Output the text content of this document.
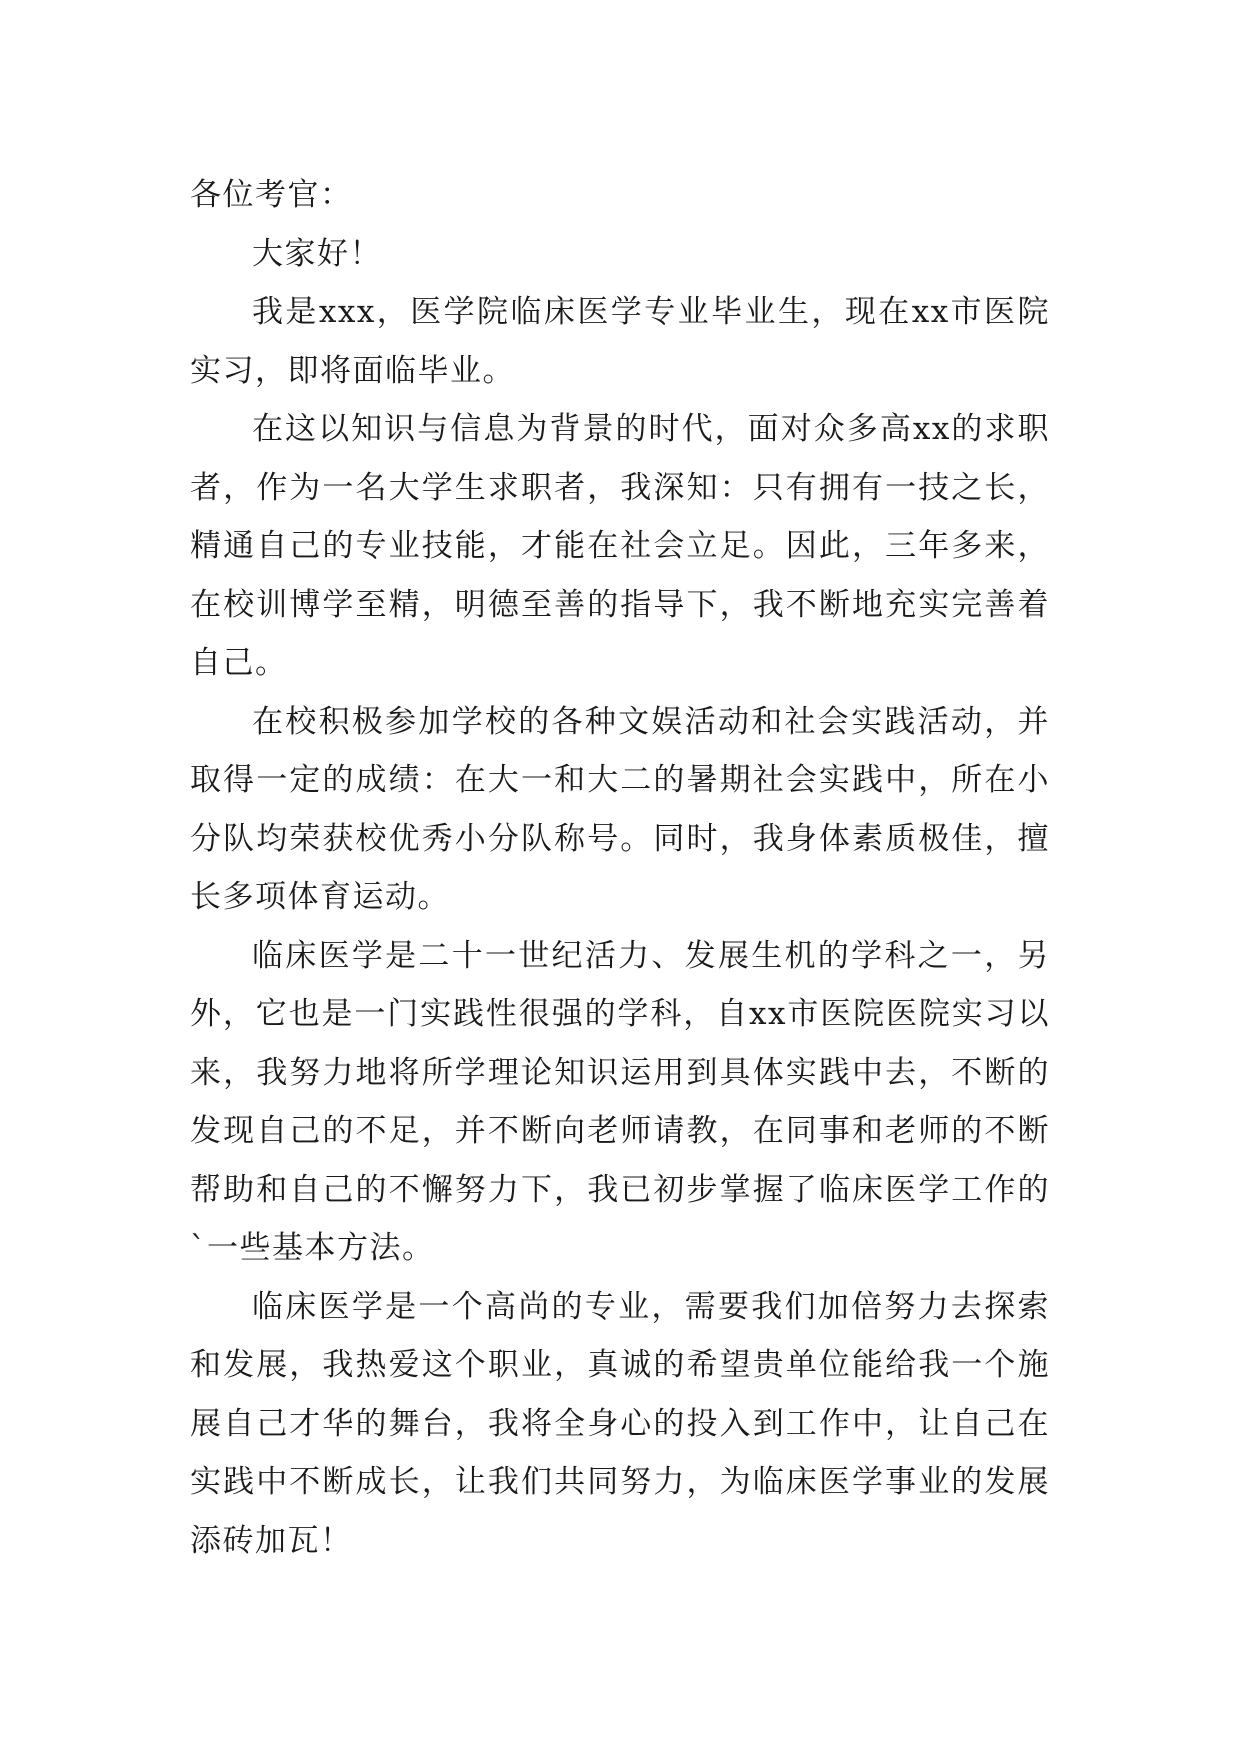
各位考官：

大家好！

我是xxx，医学院临床医学专业毕业生，现在xx市医院实习，即将面临毕业。

在这以知识与信息为背景的时代，面对众多高xx的求职者，作为一名大学生求职者，我深知：只有拥有一技之长，精通自己的专业技能，才能在社会立足。因此，三年多来，在校训博学至精，明德至善的指导下，我不断地充实完善着自己。

在校积极参加学校的各种文娱活动和社会实践活动，并取得一定的成绩：在大一和大二的暑期社会实践中，所在小分队均荣获校优秀小分队称号。同时，我身体素质极佳，擅长多项体育运动。

临床医学是二十一世纪活力、发展生机的学科之一，另外，它也是一门实践性很强的学科，自xx市医院医院实习以来，我努力地将所学理论知识运用到具体实践中去，不断的发现自己的不足，并不断向老师请教，在同事和老师的不断帮助和自己的不懈努力下，我已初步掌握了临床医学工作的`一些基本方法。

临床医学是一个高尚的专业，需要我们加倍努力去探索和发展，我热爱这个职业，真诚的希望贵单位能给我一个施展自己才华的舞台，我将全身心的投入到工作中，让自己在实践中不断成长，让我们共同努力，为临床医学事业的发展添砖加瓦！
